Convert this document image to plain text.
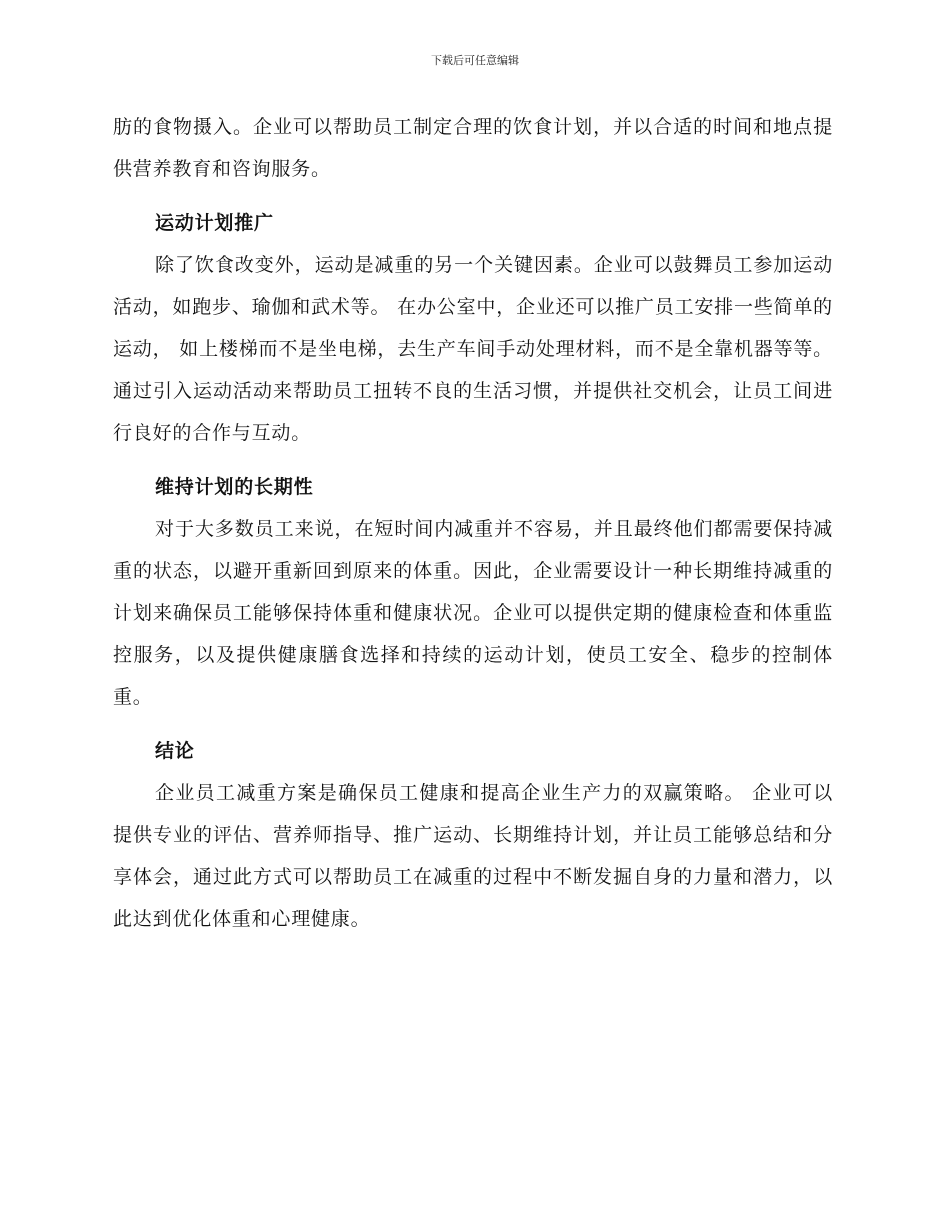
下载后可任意编辑

肪的食物摄入。企业可以帮助员工制定合理的饮食计划，并以合适的时间和地点提供营养教育和咨询服务。

运动计划推广

除了饮食改变外，运动是减重的另一个关键因素。企业可以鼓舞员工参加运动活动，如跑步、瑜伽和武术等。 在办公室中，企业还可以推广员工安排一些简单的运动， 如上楼梯而不是坐电梯，去生产车间手动处理材料，而不是全靠机器等等。通过引入运动活动来帮助员工扭转不良的生活习惯，并提供社交机会，让员工间进行良好的合作与互动。

维持计划的长期性

对于大多数员工来说，在短时间内减重并不容易，并且最终他们都需要保持减重的状态，以避开重新回到原来的体重。因此，企业需要设计一种长期维持减重的计划来确保员工能够保持体重和健康状况。企业可以提供定期的健康检查和体重监控服务，以及提供健康膳食选择和持续的运动计划，使员工安全、稳步的控制体重。

结论

企业员工减重方案是确保员工健康和提高企业生产力的双赢策略。 企业可以提供专业的评估、营养师指导、推广运动、长期维持计划，并让员工能够总结和分享体会，通过此方式可以帮助员工在减重的过程中不断发掘自身的力量和潜力，以此达到优化体重和心理健康。
